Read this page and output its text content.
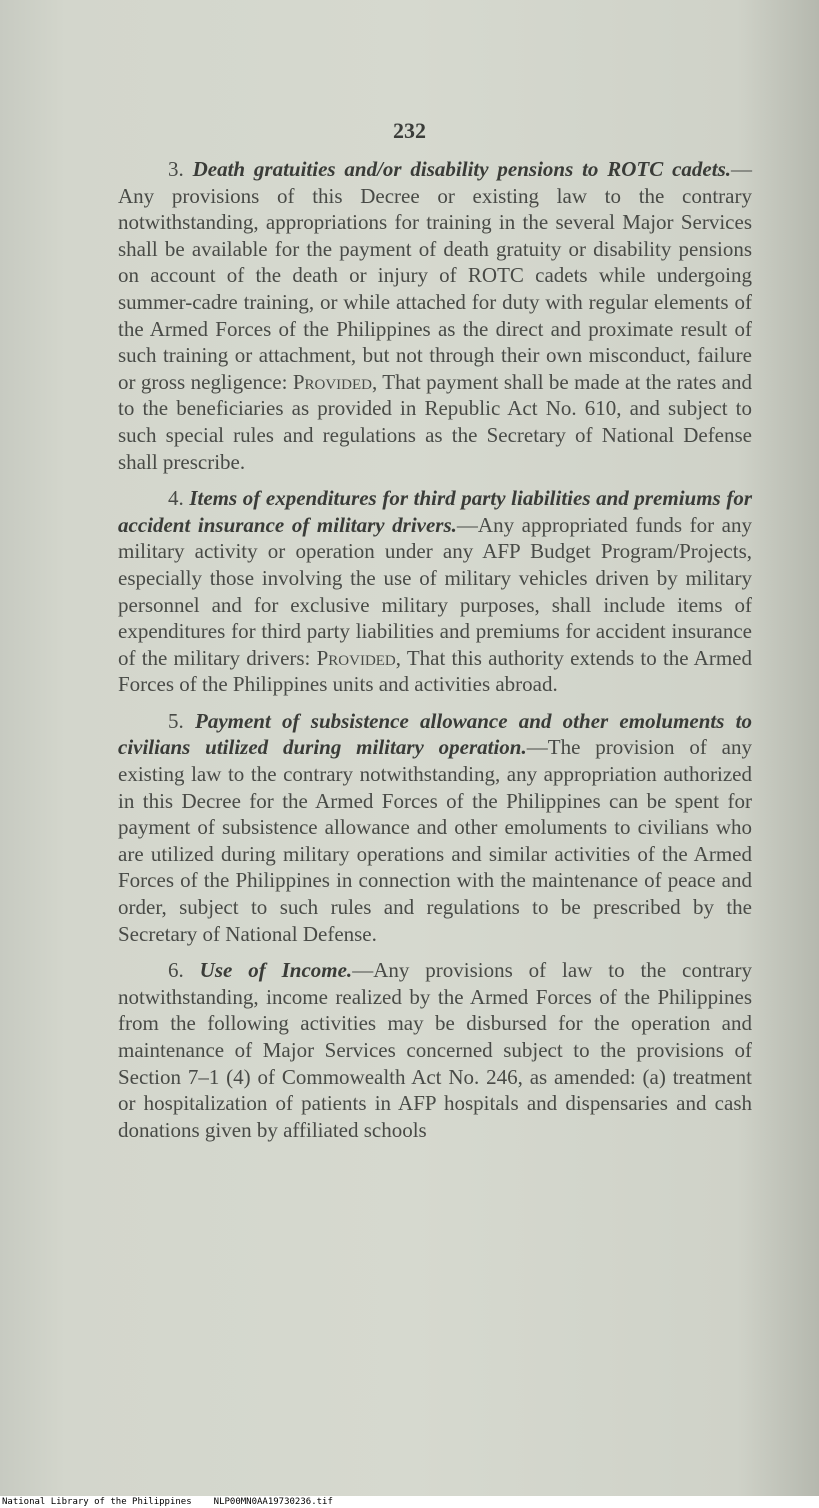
232

3. Death gratuities and/or disability pensions to ROTC cadets.—Any provisions of this Decree or existing law to the contrary notwithstanding, appropriations for training in the several Major Services shall be available for the payment of death gratuity or disability pensions on account of the death or injury of ROTC cadets while undergoing summer-cadre training, or while attached for duty with regular elements of the Armed Forces of the Philippines as the direct and proximate result of such training or attachment, but not through their own misconduct, failure or gross negligence: Provided, That payment shall be made at the rates and to the beneficiaries as provided in Republic Act No. 610, and subject to such special rules and regulations as the Secretary of National Defense shall prescribe.

4. Items of expenditures for third party liabilities and premiums for accident insurance of military drivers.—Any appropriated funds for any military activity or operation under any AFP Budget Program/Projects, especially those involving the use of military vehicles driven by military personnel and for exclusive military purposes, shall include items of expenditures for third party liabilities and premiums for accident insurance of the military drivers: Provided, That this authority extends to the Armed Forces of the Philippines units and activities abroad.

5. Payment of subsistence allowance and other emoluments to civilians utilized during military operation.—The provision of any existing law to the contrary notwithstanding, any appropriation authorized in this Decree for the Armed Forces of the Philippines can be spent for payment of subsistence allowance and other emoluments to civilians who are utilized during military operations and similar activities of the Armed Forces of the Philippines in connection with the maintenance of peace and order, subject to such rules and regulations to be prescribed by the Secretary of National Defense.

6. Use of Income.—Any provisions of law to the contrary notwithstanding, income realized by the Armed Forces of the Philippines from the following activities may be disbursed for the operation and maintenance of Major Services concerned subject to the provisions of Section 7–1 (4) of Commowealth Act No. 246, as amended: (a) treatment or hospitalization of patients in AFP hospitals and dispensaries and cash donations given by affiliated schools

National Library of the Philippines NLP00MN0AA19730236.tif
